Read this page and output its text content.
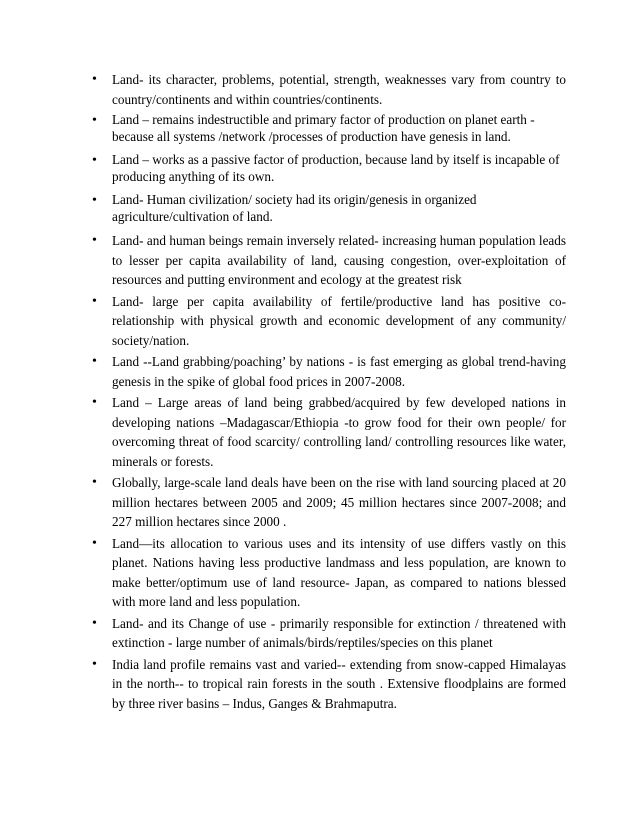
• Land- its character, problems, potential, strength, weaknesses vary from country to country/continents and within countries/continents.
• Land – remains indestructible and primary factor of production on planet earth - because all systems /network /processes of production have genesis in land.
• Land – works as a passive factor of production, because land by itself is incapable of producing anything of its own.
• Land- Human civilization/ society had its origin/genesis in organized agriculture/cultivation of land.
• Land- and human beings remain inversely related- increasing human population leads to lesser per capita availability of land, causing congestion, over-exploitation of resources and putting environment and ecology at the greatest risk
• Land- large per capita availability of fertile/productive land has positive co-relationship with physical growth and economic development of any community/ society/nation.
• Land --Land grabbing/poaching’ by nations - is fast emerging as global trend-having genesis in the spike of global food prices in 2007-2008.
• Land – Large areas of land being grabbed/acquired by few developed nations in developing nations –Madagascar/Ethiopia -to grow food for their own people/ for overcoming threat of food scarcity/ controlling land/ controlling resources like water, minerals or forests.
• Globally, large-scale land deals have been on the rise with land sourcing placed at 20 million hectares between 2005 and 2009; 45 million hectares since 2007-2008; and 227 million hectares since 2000 .
• Land—its allocation to various uses and its intensity of use differs vastly on this planet. Nations having less productive landmass and less population, are known to make better/optimum use of land resource- Japan, as compared to nations blessed with more land and less population.
• Land- and its Change of use - primarily responsible for extinction / threatened with extinction - large number of animals/birds/reptiles/species on this planet
• India land profile remains vast and varied-- extending from snow-capped Himalayas in the north-- to tropical rain forests in the south . Extensive floodplains are formed by three river basins – Indus, Ganges & Brahmaputra.
